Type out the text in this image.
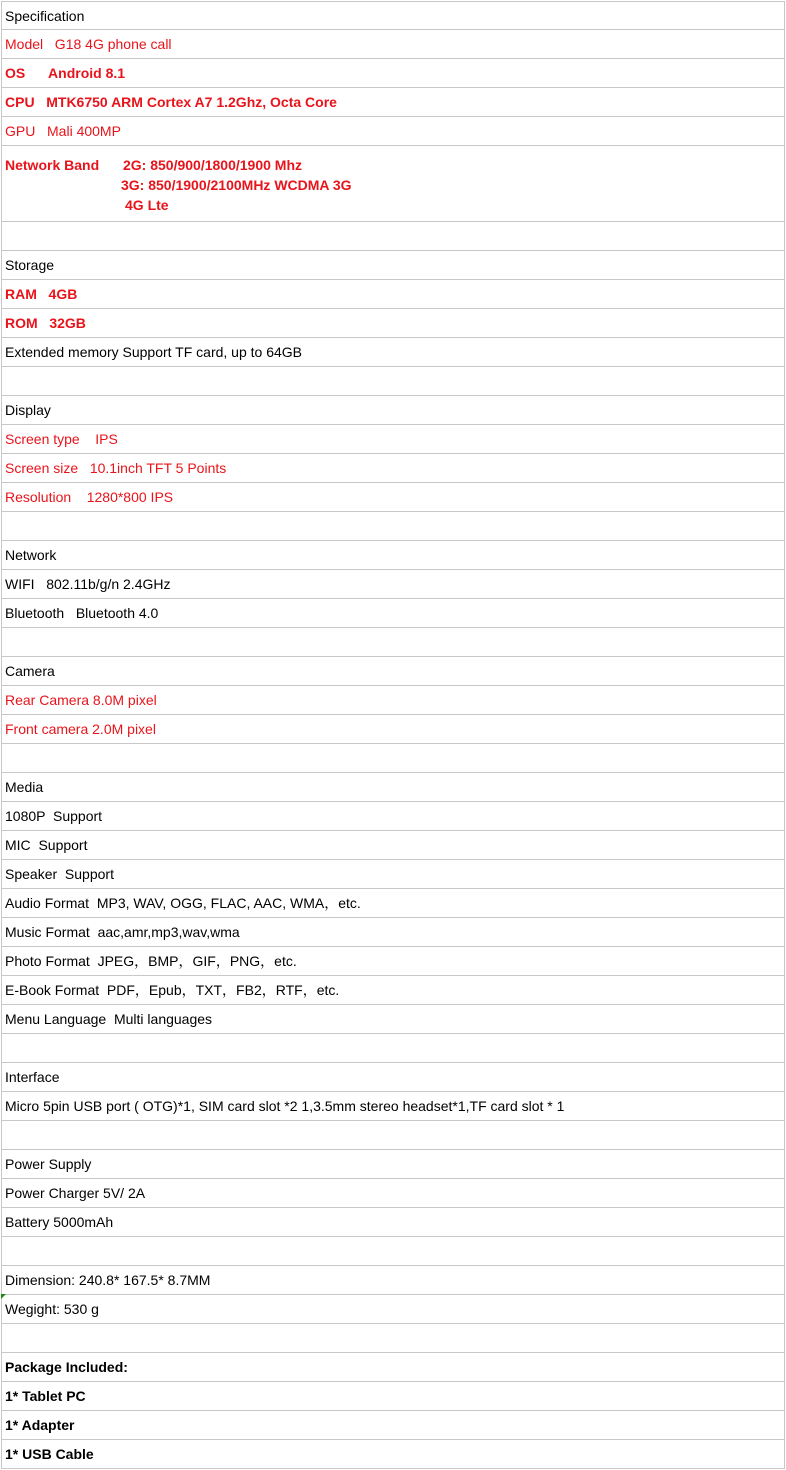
Specification
Model   G18 4G phone call
OS      Android 8.1
CPU   MTK6750 ARM Cortex A7 1.2Ghz, Octa Core
GPU   Mali 400MP
Network Band	2G: 850/900/1800/1900 Mhz
3G: 850/1900/2100MHz WCDMA 3G
4G Lte
Storage
RAM   4GB
ROM   32GB
Extended memory Support TF card, up to 64GB
Display
Screen type    IPS
Screen size   10.1inch TFT 5 Points
Resolution    1280*800 IPS
Network
WIFI   802.11b/g/n 2.4GHz
Bluetooth   Bluetooth 4.0
Camera
Rear Camera 8.0M pixel
Front camera 2.0M pixel
Media
1080P  Support
MIC  Support
Speaker  Support
Audio Format  MP3, WAV, OGG, FLAC, AAC, WMA，etc.
Music Format  aac,amr,mp3,wav,wma
Photo Format  JPEG，BMP，GIF，PNG，etc.
E-Book Format  PDF，Epub，TXT，FB2，RTF，etc.
Menu Language  Multi languages
Interface
Micro 5pin USB port ( OTG)*1, SIM card slot *2 1,3.5mm stereo headset*1,TF card slot * 1
Power Supply
Power Charger 5V/ 2A
Battery 5000mAh
Dimension: 240.8* 167.5* 8.7MM
Wegight: 530 g
Package Included:
1* Tablet PC
1* Adapter
1* USB Cable
